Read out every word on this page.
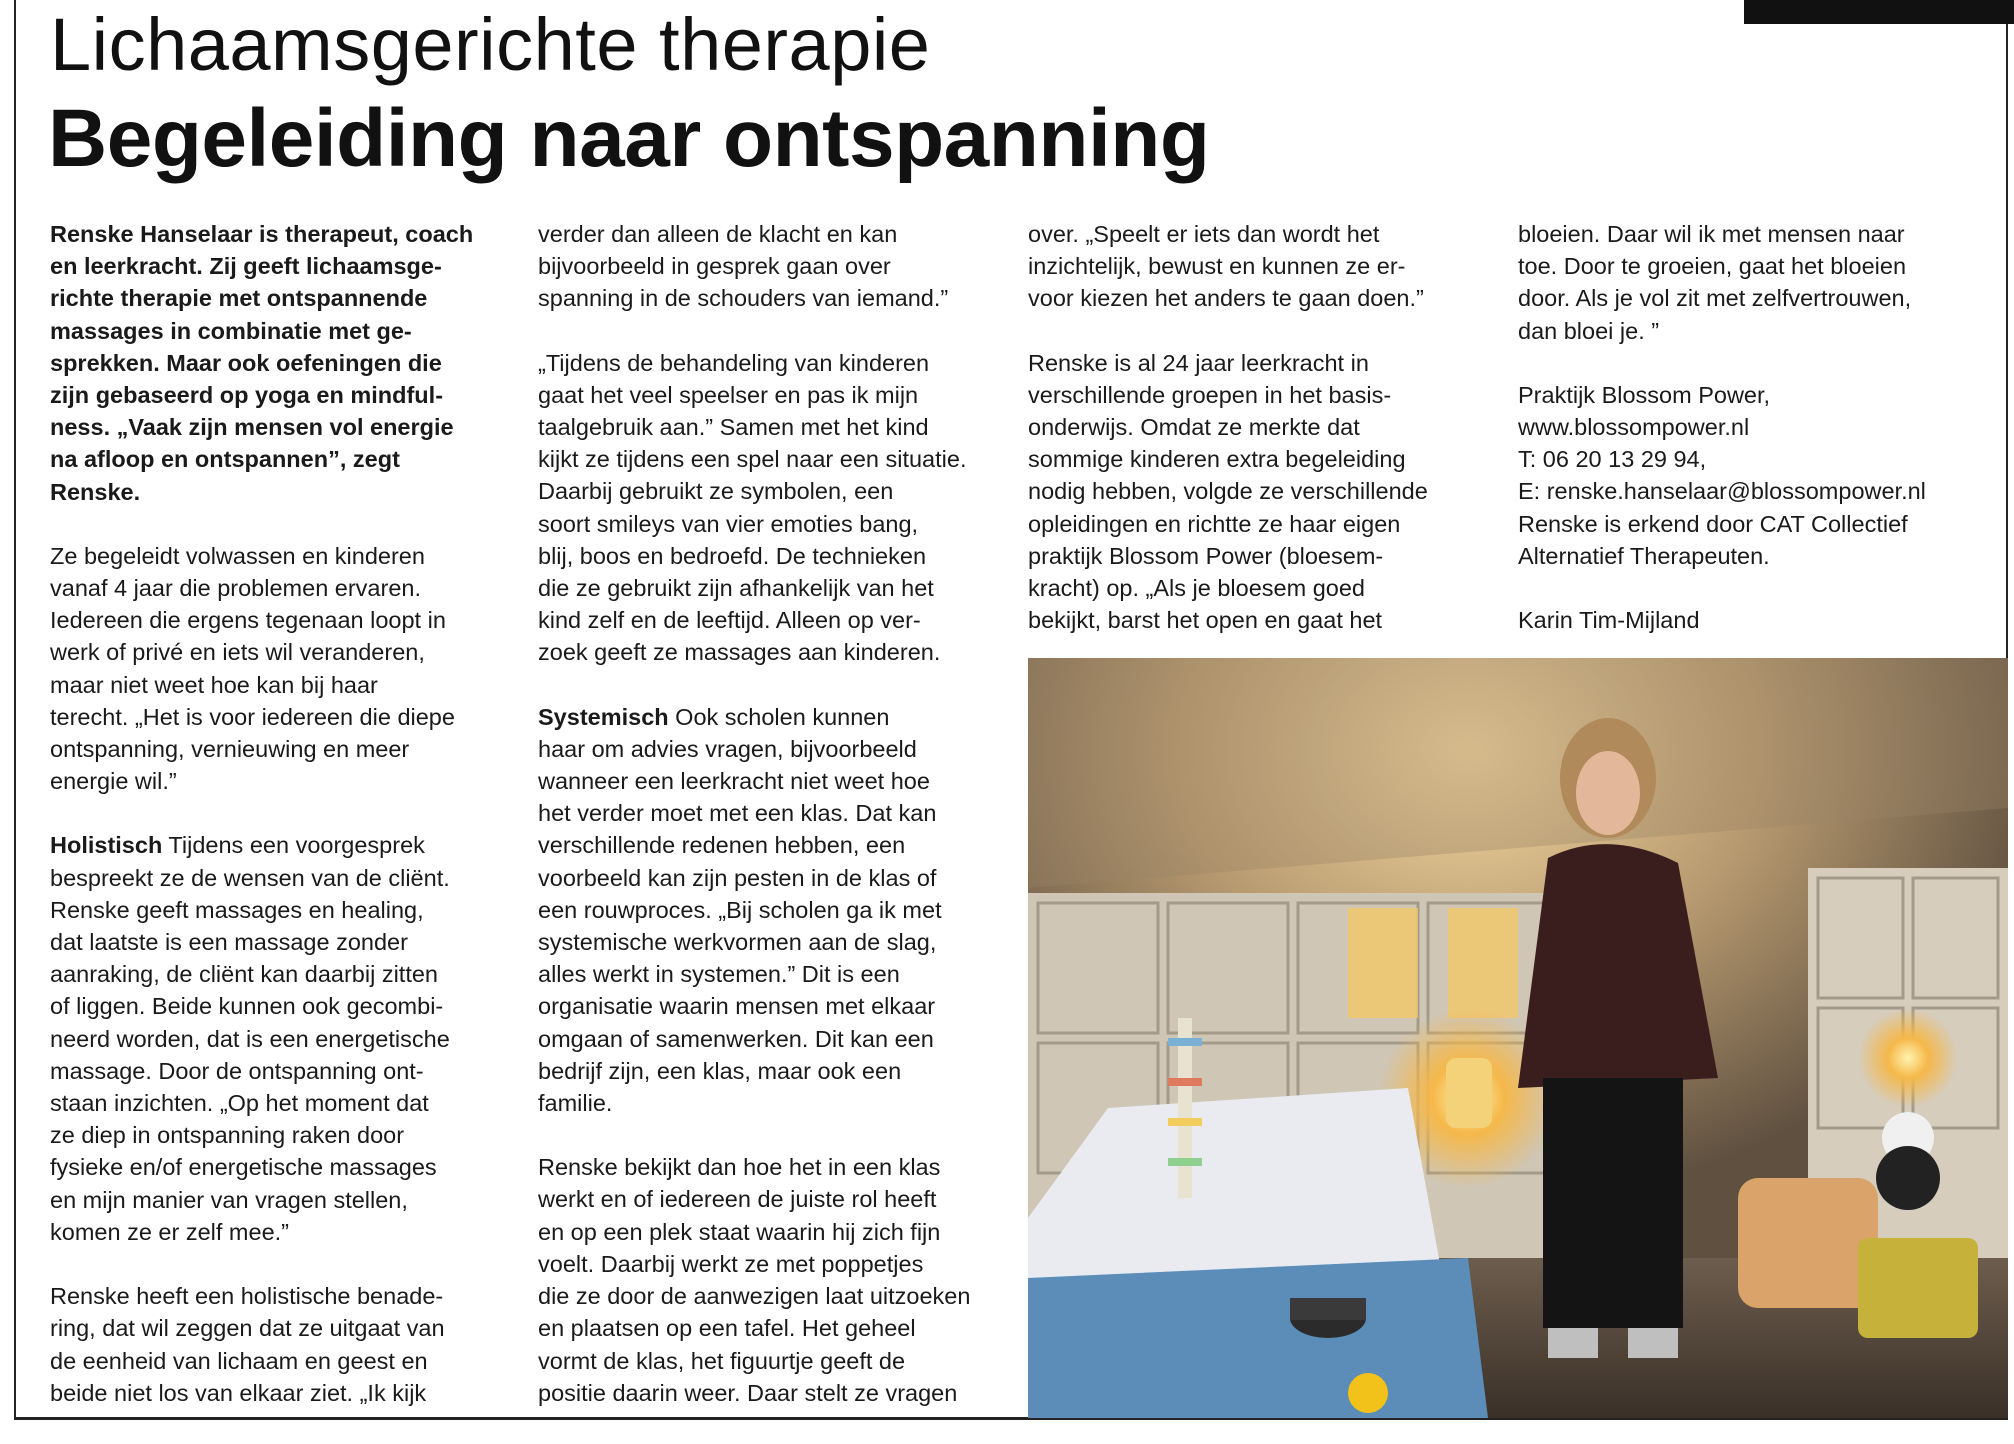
Lichaamsgerichte therapie
Begeleiding naar ontspanning

Renske Hanselaar is therapeut, coach
en leerkracht. Zij geeft lichaamsge-
richte therapie met ontspannende
massages in combinatie met ge-
sprekken. Maar ook oefeningen die
zijn gebaseerd op yoga en mindful-
ness. „Vaak zijn mensen vol energie
na afloop en ontspannen”, zegt
Renske.

Ze begeleidt volwassen en kinderen
vanaf 4 jaar die problemen ervaren.
Iedereen die ergens tegenaan loopt in
werk of privé en iets wil veranderen,
maar niet weet hoe kan bij haar
terecht. „Het is voor iedereen die diepe
ontspanning, vernieuwing en meer
energie wil.”

Holistisch Tijdens een voorgesprek
bespreekt ze de wensen van de cliënt.
Renske geeft massages en healing,
dat laatste is een massage zonder
aanraking, de cliënt kan daarbij zitten
of liggen. Beide kunnen ook gecombi-
neerd worden, dat is een energetische
massage. Door de ontspanning ont-
staan inzichten. „Op het moment dat
ze diep in ontspanning raken door
fysieke en/of energetische massages
en mijn manier van vragen stellen,
komen ze er zelf mee.”

Renske heeft een holistische benade-
ring, dat wil zeggen dat ze uitgaat van
de eenheid van lichaam en geest en
beide niet los van elkaar ziet. „Ik kijk

verder dan alleen de klacht en kan
bijvoorbeeld in gesprek gaan over
spanning in de schouders van iemand.”

„Tijdens de behandeling van kinderen
gaat het veel speelser en pas ik mijn
taalgebruik aan.” Samen met het kind
kijkt ze tijdens een spel naar een situatie.
Daarbij gebruikt ze symbolen, een
soort smileys van vier emoties bang,
blij, boos en bedroefd. De technieken
die ze gebruikt zijn afhankelijk van het
kind zelf en de leeftijd. Alleen op ver-
zoek geeft ze massages aan kinderen.

Systemisch Ook scholen kunnen
haar om advies vragen, bijvoorbeeld
wanneer een leerkracht niet weet hoe
het verder moet met een klas. Dat kan
verschillende redenen hebben, een
voorbeeld kan zijn pesten in de klas of
een rouwproces. „Bij scholen ga ik met
systemische werkvormen aan de slag,
alles werkt in systemen.” Dit is een
organisatie waarin mensen met elkaar
omgaan of samenwerken. Dit kan een
bedrijf zijn, een klas, maar ook een
familie.

Renske bekijkt dan hoe het in een klas
werkt en of iedereen de juiste rol heeft
en op een plek staat waarin hij zich fijn
voelt. Daarbij werkt ze met poppetjes
die ze door de aanwezigen laat uitzoeken
en plaatsen op een tafel. Het geheel
vormt de klas, het figuurtje geeft de
positie daarin weer. Daar stelt ze vragen

over. „Speelt er iets dan wordt het
inzichtelijk, bewust en kunnen ze er-
voor kiezen het anders te gaan doen.”

Renske is al 24 jaar leerkracht in
verschillende groepen in het basis-
onderwijs. Omdat ze merkte dat
sommige kinderen extra begeleiding
nodig hebben, volgde ze verschillende
opleidingen en richtte ze haar eigen
praktijk Blossom Power (bloesem-
kracht) op. „Als je bloesem goed
bekijkt, barst het open en gaat het

bloeien. Daar wil ik met mensen naar
toe. Door te groeien, gaat het bloeien
door. Als je vol zit met zelfvertrouwen,
dan bloei je. ”

Praktijk Blossom Power,
www.blossompower.nl
T: 06 20 13 29 94,
E: renske.hanselaar@blossompower.nl
Renske is erkend door CAT Collectief
Alternatief Therapeuten.

Karin Tim-Mijland
